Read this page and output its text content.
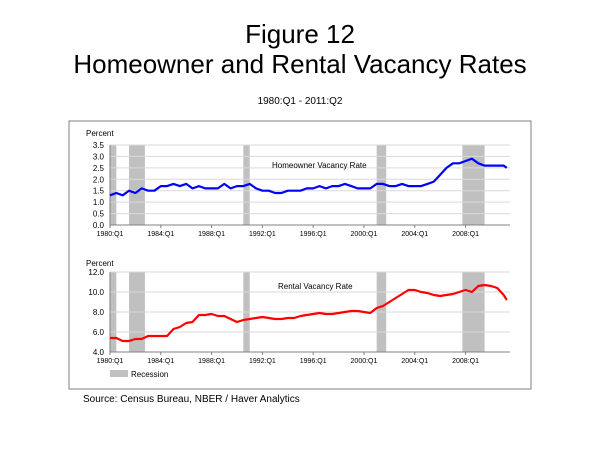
Figure 12
Homeowner and Rental Vacancy Rates
1980:Q1 - 2011:Q2
Percent
0.0
0.5
1.0
1.5
2.0
2.5
3.0
3.5
1980:Q1	1984:Q1	1988:Q1	1992:Q1	1996:Q1	2000:Q1	2004:Q1	2008:Q1
Homeowner Vacancy Rate
Percent
4.0
6.0
8.0
10.0
12.0
1980:Q1	1984:Q1	1988:Q1	1992:Q1	1996:Q1	2000:Q1	2004:Q1	2008:Q1
Rental Vacancy Rate
Recession
Source: Census Bureau, NBER / Haver Analytics
